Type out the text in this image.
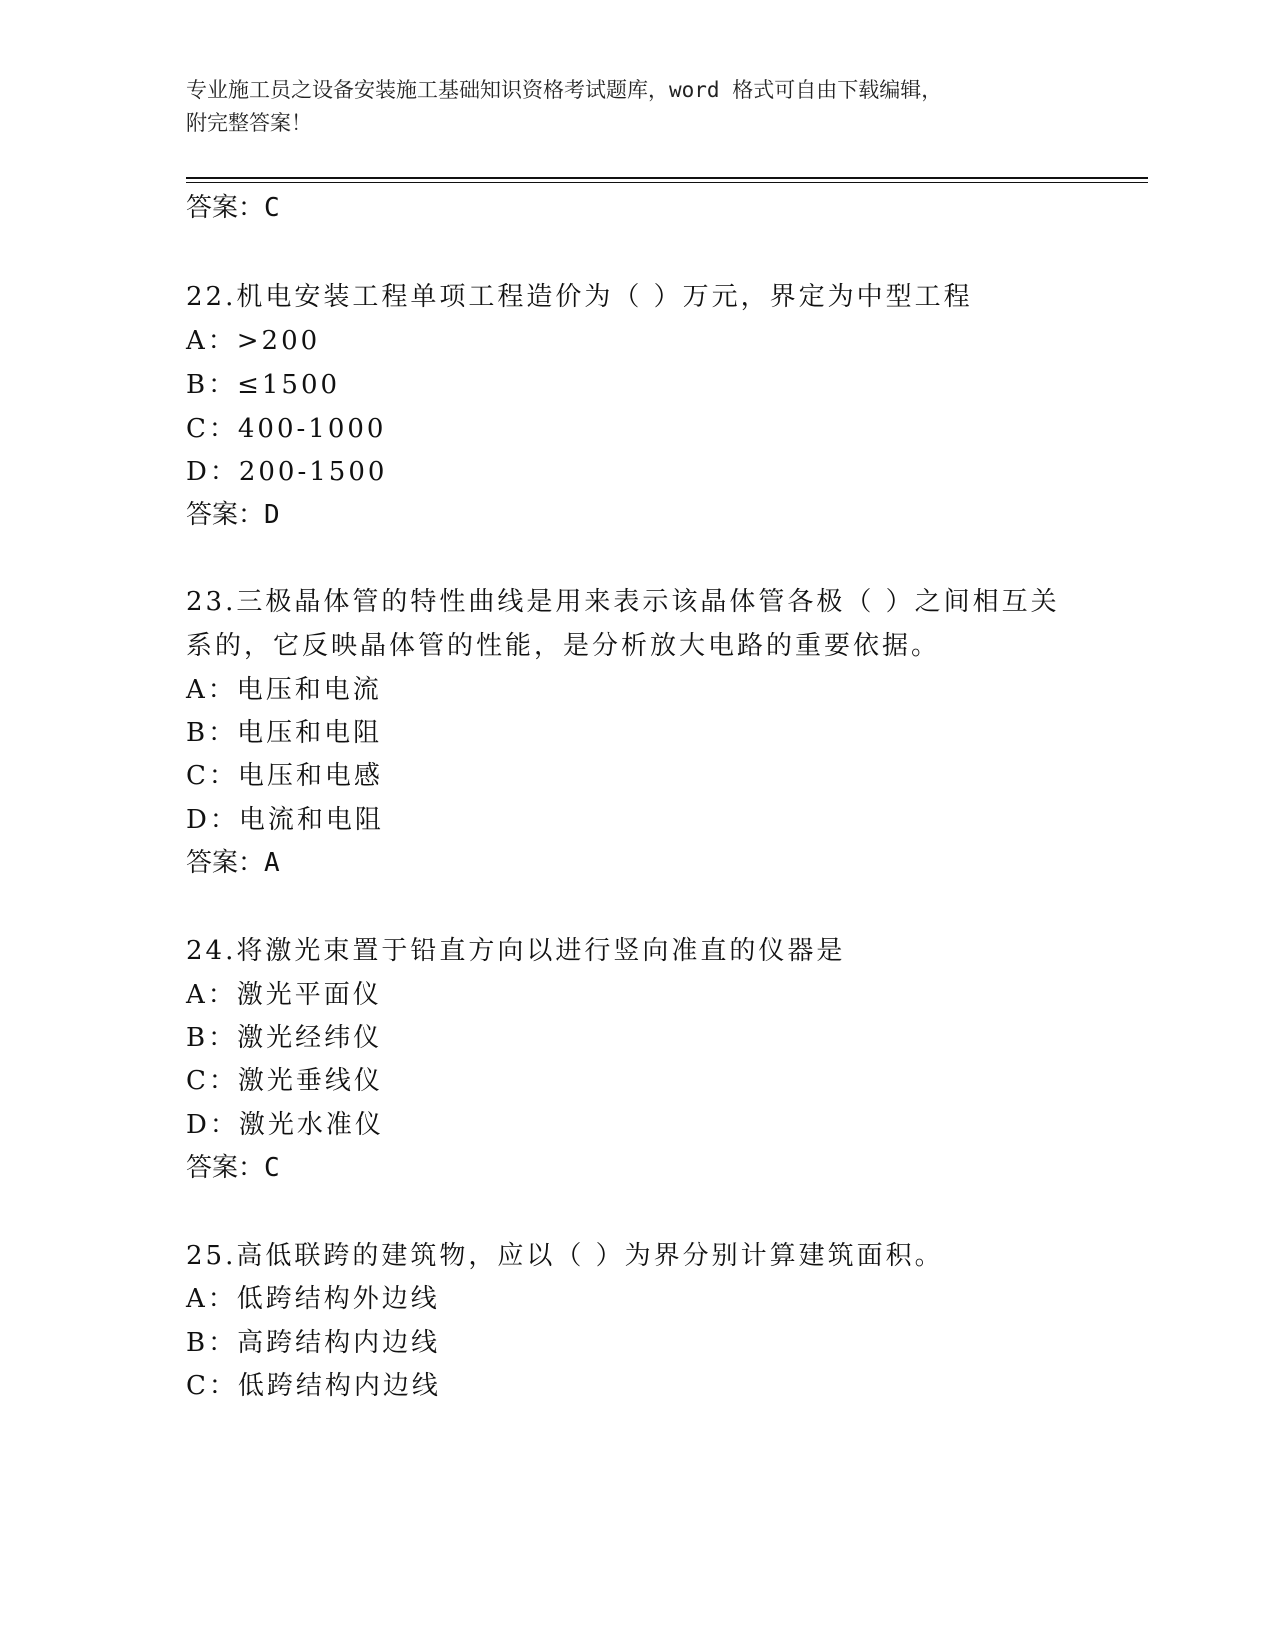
专业施工员之设备安装施工基础知识资格考试题库，word 格式可自由下载编辑，
附完整答案！
答案：C
22.机电安装工程单项工程造价为（ ）万元，界定为中型工程
A：>200
B：≤1500
C：400-1000
D：200-1500
答案：D
23.三极晶体管的特性曲线是用来表示该晶体管各极（ ）之间相互关
系的，它反映晶体管的性能，是分析放大电路的重要依据。
A：电压和电流
B：电压和电阻
C：电压和电感
D：电流和电阻
答案：A
24.将激光束置于铅直方向以进行竖向准直的仪器是
A：激光平面仪
B：激光经纬仪
C：激光垂线仪
D：激光水准仪
答案：C
25.高低联跨的建筑物，应以（ ）为界分别计算建筑面积。
A：低跨结构外边线
B：高跨结构内边线
C：低跨结构内边线
